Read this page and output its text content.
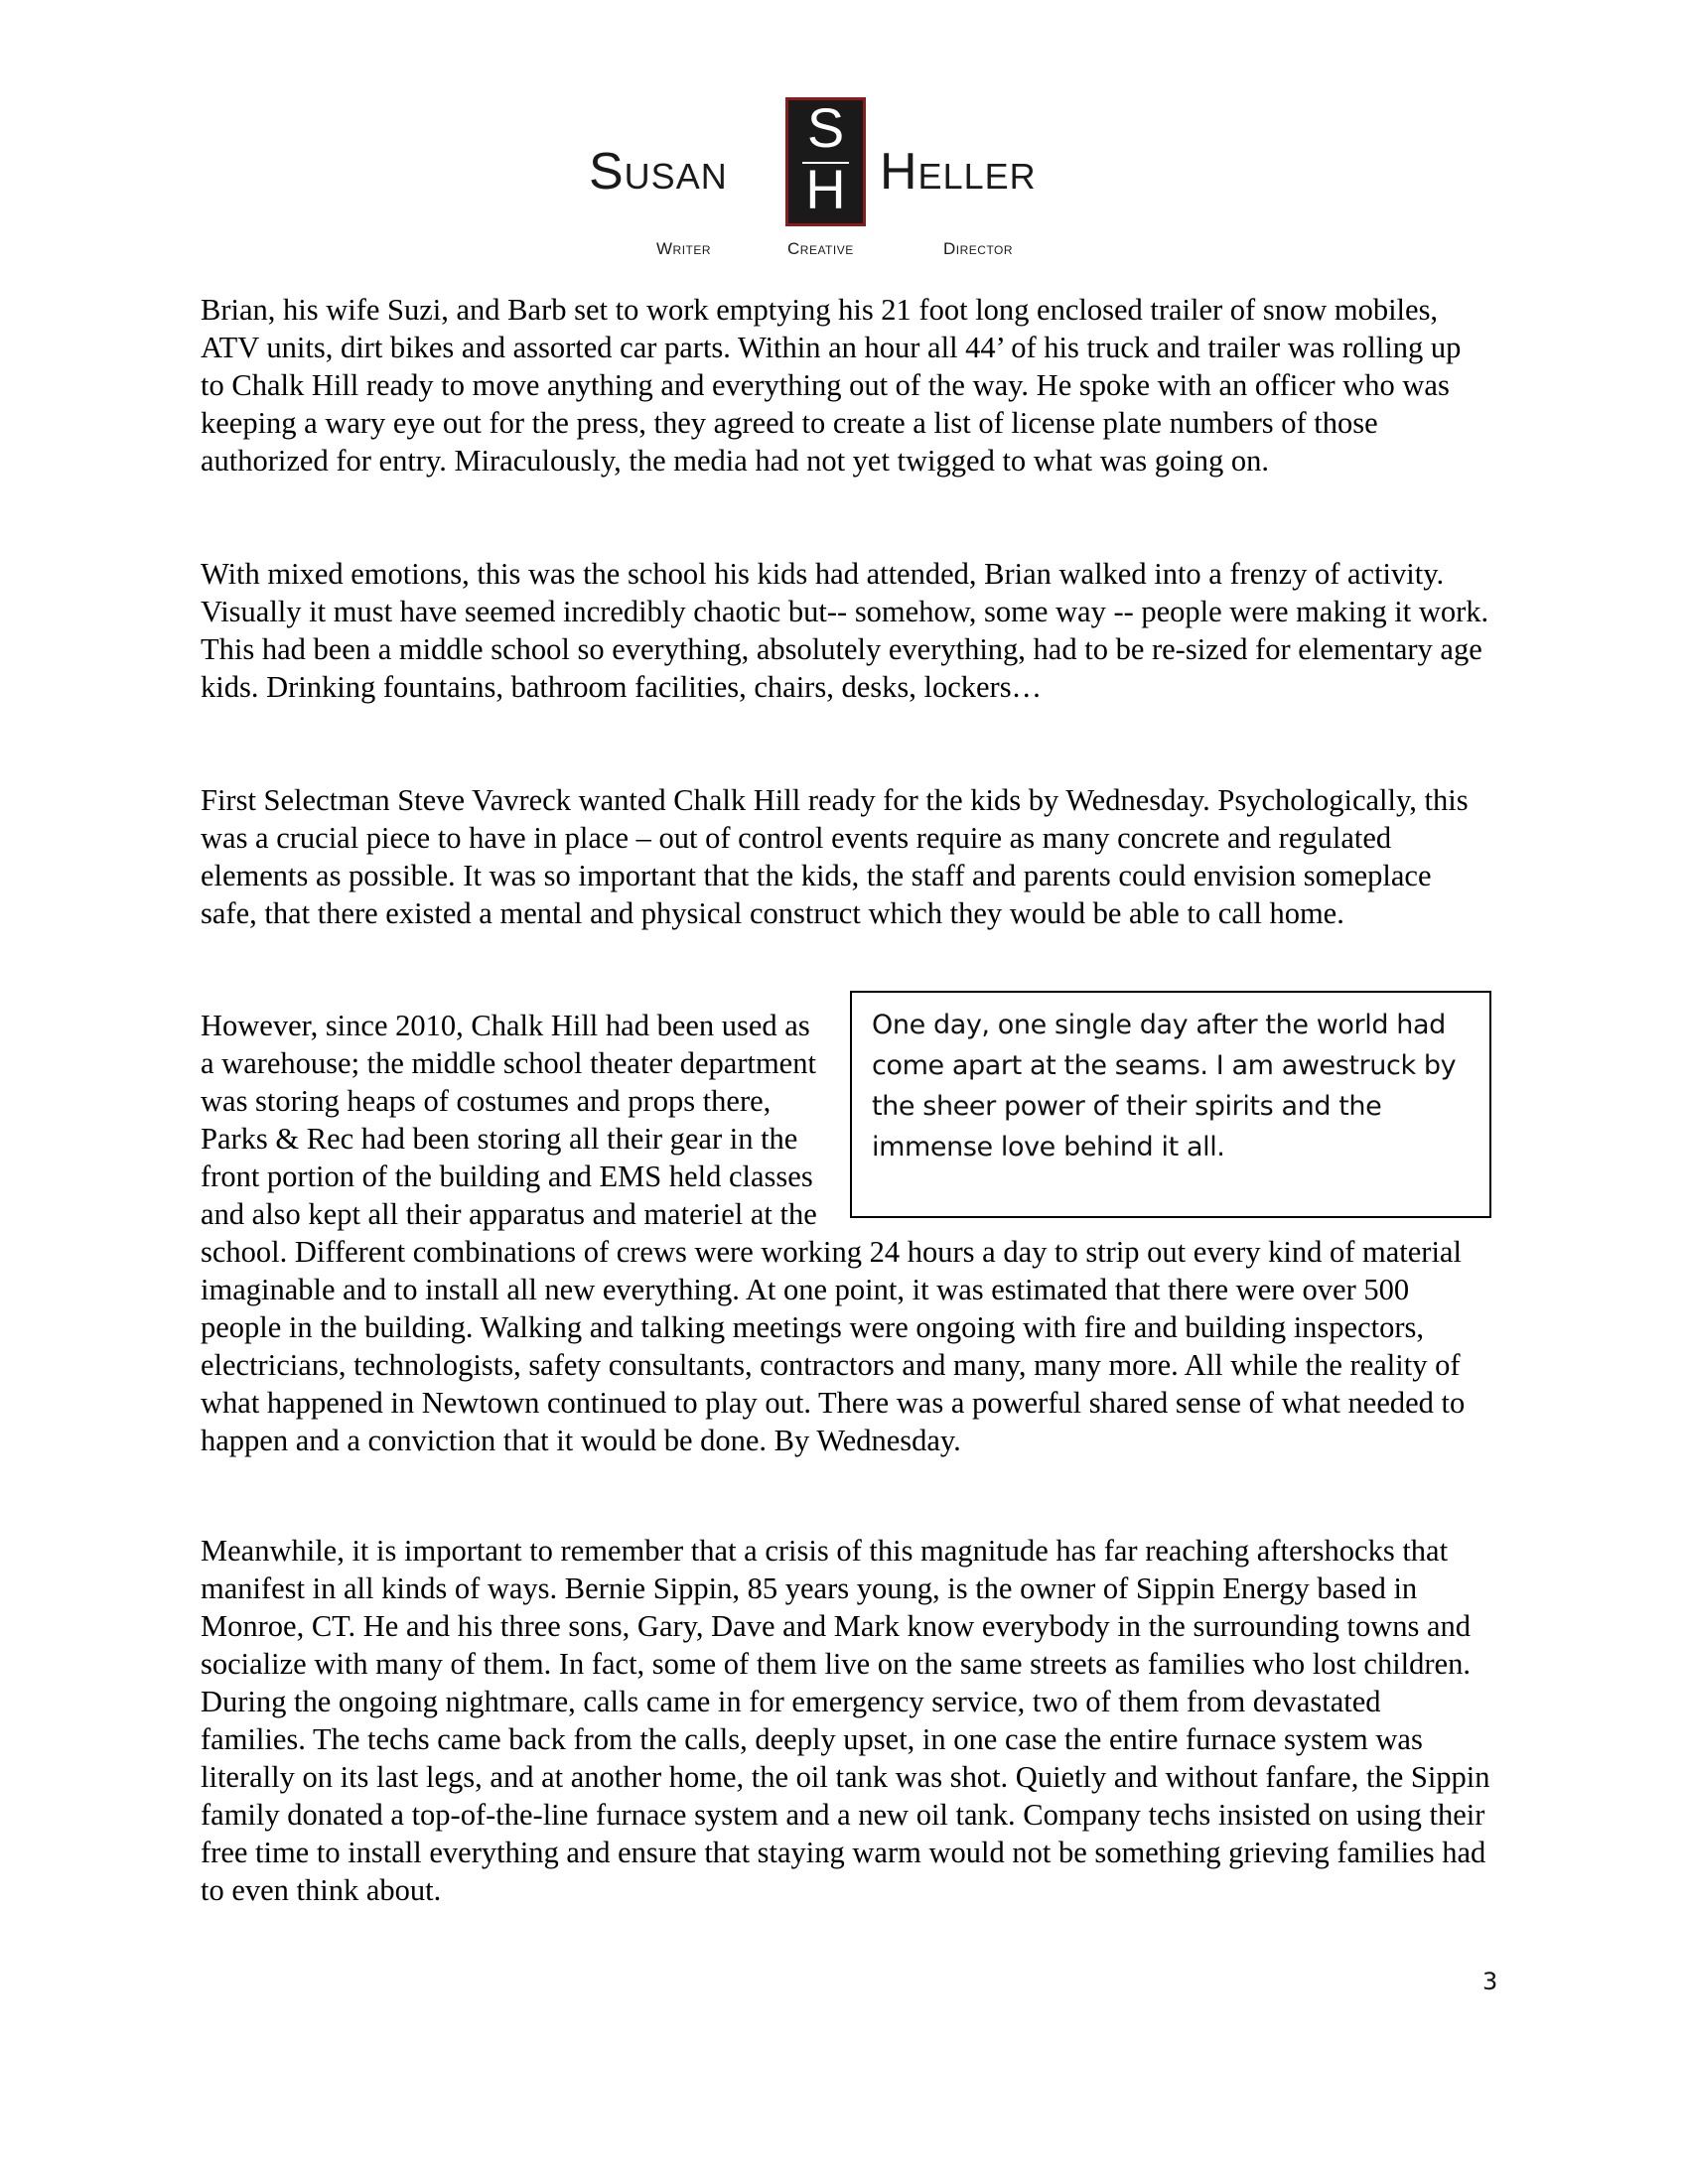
Susan
S
H Heller
Writer	Creative	Director

Brian, his wife Suzi, and Barb set to work emptying his 21 foot long enclosed trailer of snow mobiles, ATV units, dirt bikes and assorted car parts. Within an hour all 44’ of his truck and trailer was rolling up to Chalk Hill ready to move anything and everything out of the way. He spoke with an officer who was keeping a wary eye out for the press, they agreed to create a list of license plate numbers of those authorized for entry. Miraculously, the media had not yet twigged to what was going on.

With mixed emotions, this was the school his kids had attended, Brian walked into a frenzy of activity. Visually it must have seemed incredibly chaotic but-- somehow, some way -- people were making it work. This had been a middle school so everything, absolutely everything, had to be re-sized for elementary age kids. Drinking fountains, bathroom facilities, chairs, desks, lockers…

First Selectman Steve Vavreck wanted Chalk Hill ready for the kids by Wednesday. Psychologically, this was a crucial piece to have in place – out of control events require as many concrete and regulated elements as possible. It was so important that the kids, the staff and parents could envision someplace safe, that there existed a mental and physical construct which they would be able to call home.

One day, one single day after the world had come apart at the seams. I am awestruck by the sheer power of their spirits and the immense love behind it all.

However, since 2010, Chalk Hill had been used as a warehouse; the middle school theater department was storing heaps of costumes and props there, Parks & Rec had been storing all their gear in the front portion of the building and EMS held classes and also kept all their apparatus and materiel at the school. Different combinations of crews were working 24 hours a day to strip out every kind of material imaginable and to install all new everything. At one point, it was estimated that there were over 500 people in the building. Walking and talking meetings were ongoing with fire and building inspectors, electricians, technologists, safety consultants, contractors and many, many more. All while the reality of what happened in Newtown continued to play out. There was a powerful shared sense of what needed to happen and a conviction that it would be done. By Wednesday.

Meanwhile, it is important to remember that a crisis of this magnitude has far reaching aftershocks that manifest in all kinds of ways. Bernie Sippin, 85 years young, is the owner of Sippin Energy based in Monroe, CT. He and his three sons, Gary, Dave and Mark know everybody in the surrounding towns and socialize with many of them. In fact, some of them live on the same streets as families who lost children. During the ongoing nightmare, calls came in for emergency service, two of them from devastated families. The techs came back from the calls, deeply upset, in one case the entire furnace system was literally on its last legs, and at another home, the oil tank was shot. Quietly and without fanfare, the Sippin family donated a top-of-the-line furnace system and a new oil tank. Company techs insisted on using their free time to install everything and ensure that staying warm would not be something grieving families had to even think about.

3
